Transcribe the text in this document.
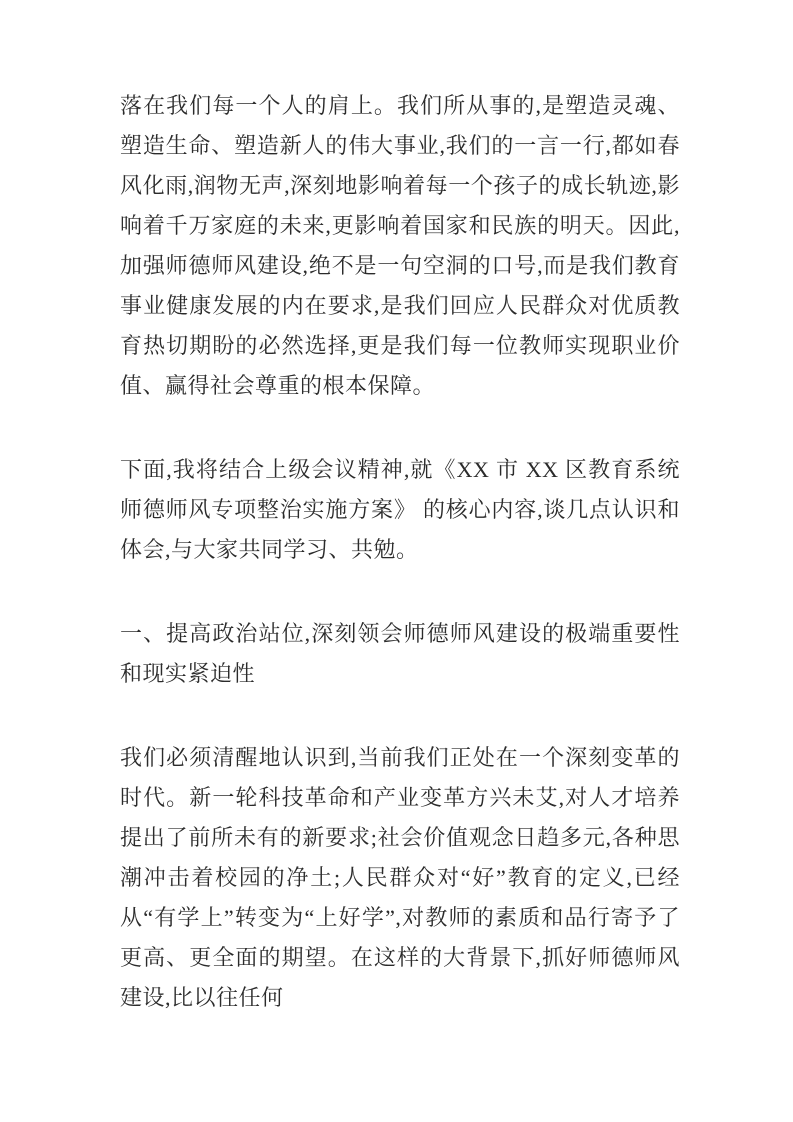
落在我们每一个人的肩上。我们所从事的,是塑造灵魂、塑造生命、塑造新人的伟大事业,我们的一言一行,都如春风化雨,润物无声,深刻地影响着每一个孩子的成长轨迹,影响着千万家庭的未来,更影响着国家和民族的明天。因此,加强师德师风建设,绝不是一句空洞的口号,而是我们教育事业健康发展的内在要求,是我们回应人民群众对优质教育热切期盼的必然选择,更是我们每一位教师实现职业价值、赢得社会尊重的根本保障。

下面,我将结合上级会议精神,就《XX 市 XX 区教育系统师德师风专项整治实施方案》 的核心内容,谈几点认识和体会,与大家共同学习、共勉。

一、提高政治站位,深刻领会师德师风建设的极端重要性和现实紧迫性

我们必须清醒地认识到,当前我们正处在一个深刻变革的时代。新一轮科技革命和产业变革方兴未艾,对人才培养提出了前所未有的新要求;社会价值观念日趋多元,各种思潮冲击着校园的净土;人民群众对“好”教育的定义,已经从“有学上”转变为“上好学”,对教师的素质和品行寄予了更高、更全面的期望。在这样的大背景下,抓好师德师风建设,比以往任何
